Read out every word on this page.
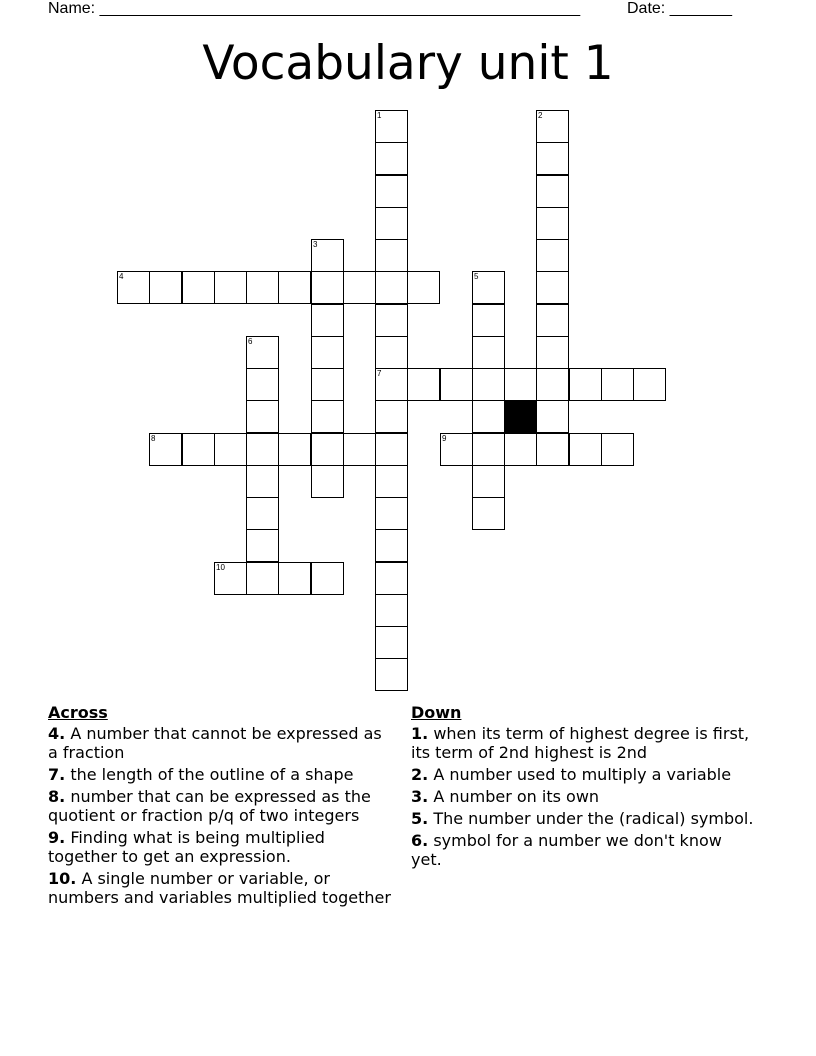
Name: ______________________________________________________	Date: _______
Vocabulary unit 1
1
7
2
3
4	5
6
8	9
10
Across
4. A number that cannot be expressed as a fraction
7. the length of the outline of a shape
8. number that can be expressed as the quotient or fraction p/q of two integers
9. Finding what is being multiplied together to get an expression.
10. A single number or variable, or numbers and variables multiplied together
Down
1. when its term of highest degree is first, its term of 2nd highest is 2nd
2. A number used to multiply a variable
3. A number on its own
5. The number under the (radical) symbol.
6. symbol for a number we don't know yet.
